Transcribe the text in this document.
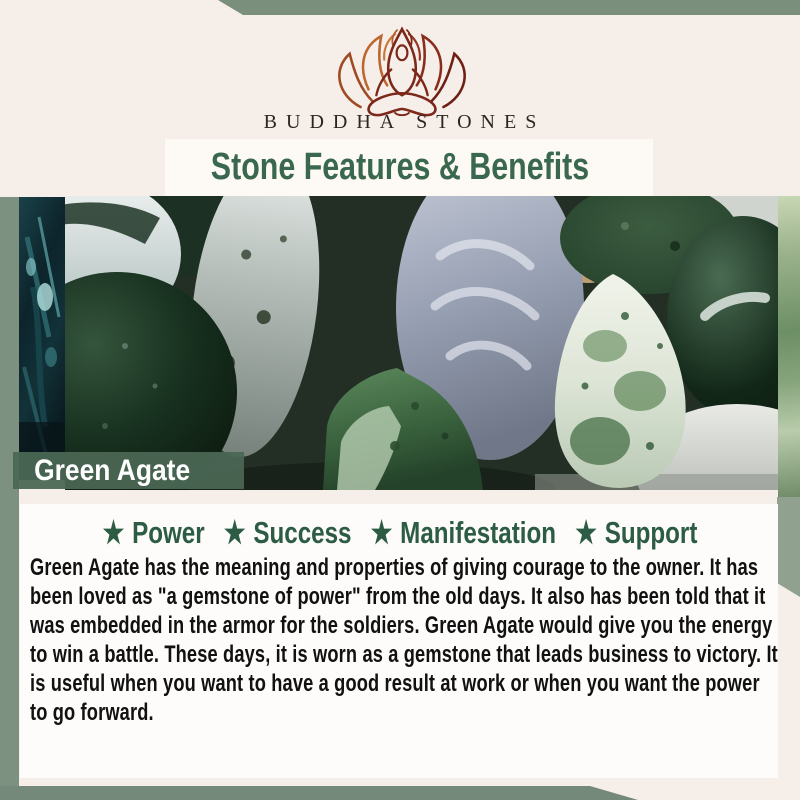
BUDDHA STONES
Stone Features & Benefits
Green Agate
★ Power ★ Success ★ Manifestation ★ Support
Green Agate has the meaning and properties of giving courage to the owner. It has been loved as "a gemstone of power" from the old days. It also has been told that it was embedded in the armor for the soldiers. Green Agate would give you the energy to win a battle. These days, it is worn as a gemstone that leads business to victory. It is useful when you want to have a good result at work or when you want the power to go forward.
